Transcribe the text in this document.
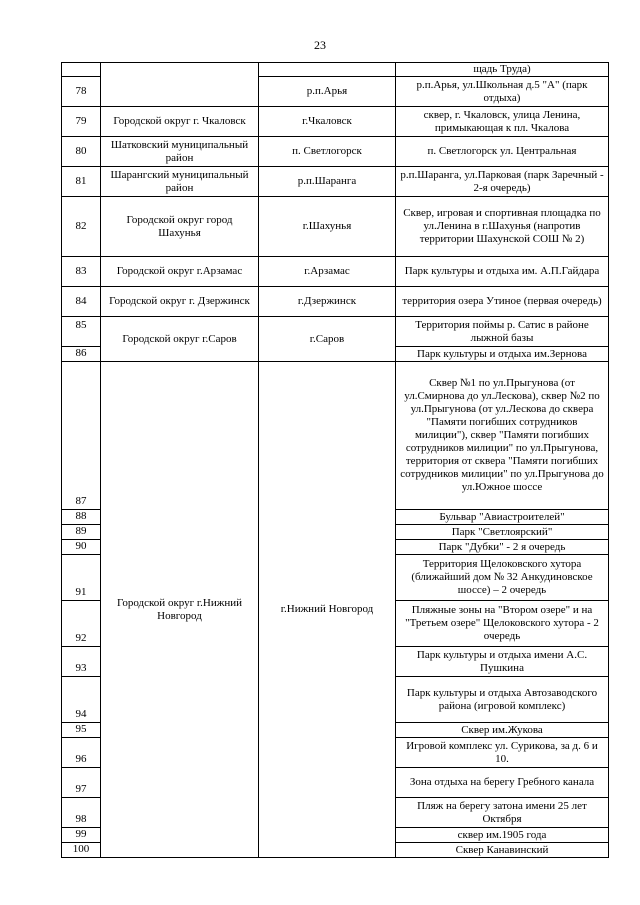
23
			щадь Труда)
78		р.п.Арья	р.п.Арья, ул.Школьная д.5 "А" (парк отдыха)
79	Городской округ г. Чкаловск	г.Чкаловск	сквер, г. Чкаловск, улица Ленина, примыкающая к пл. Чкалова
80	Шатковский муниципальный район	п. Светлогорск	п. Светлогорск ул. Центральная
81	Шарангский муниципальный район	р.п.Шаранга	р.п.Шаранга, ул.Парковая (парк Заречный - 2-я очередь)
82	Городской округ город Шахунья	г.Шахунья	Сквер, игровая и спортивная площадка по ул.Ленина в г.Шахунья (напротив территории Шахунской СОШ № 2)
83	Городской округ г.Арзамас	г.Арзамас	Парк культуры и отдыха им. А.П.Гайдара
84	Городской округ г. Дзержинск	г.Дзержинск	территория озера Утиное (первая очередь)
85	Городской округ г.Саров	г.Саров	Территория поймы р. Сатис в районе лыжной базы
86			Парк культуры и отдыха им.Зернова
87	Городской округ г.Нижний Новгород	г.Нижний Новгород	Сквер №1 по ул.Прыгунова (от ул.Смирнова до ул.Лескова), сквер №2 по ул.Прыгунова (от ул.Лескова до сквера "Памяти погибших сотрудников милиции"), сквер "Памяти погибших сотрудников милиции" по ул.Прыгунова, территория от сквера "Памяти погибших сотрудников милиции" по ул.Прыгунова до ул.Южное шоссе
88			Бульвар "Авиастроителей"
89			Парк "Светлоярский"
90			Парк "Дубки" - 2 я очередь
91			Территория Щелоковского хутора (ближайший дом № 32 Анкудиновское шоссе) – 2 очередь
92			Пляжные зоны на "Втором озере" и на "Третьем озере" Щелоковского хутора - 2 очередь
93			Парк культуры и отдыха имени А.С. Пушкина
94			Парк культуры и отдыха Автозаводского района (игровой комплекс)
95			Сквер им.Жукова
96			Игровой комплекс ул. Сурикова, за д. 6 и 10.
97			Зона отдыха на берегу Гребного канала
98			Пляж на берегу затона имени 25 лет Октября
99			сквер им.1905 года
100			Сквер Канавинский
